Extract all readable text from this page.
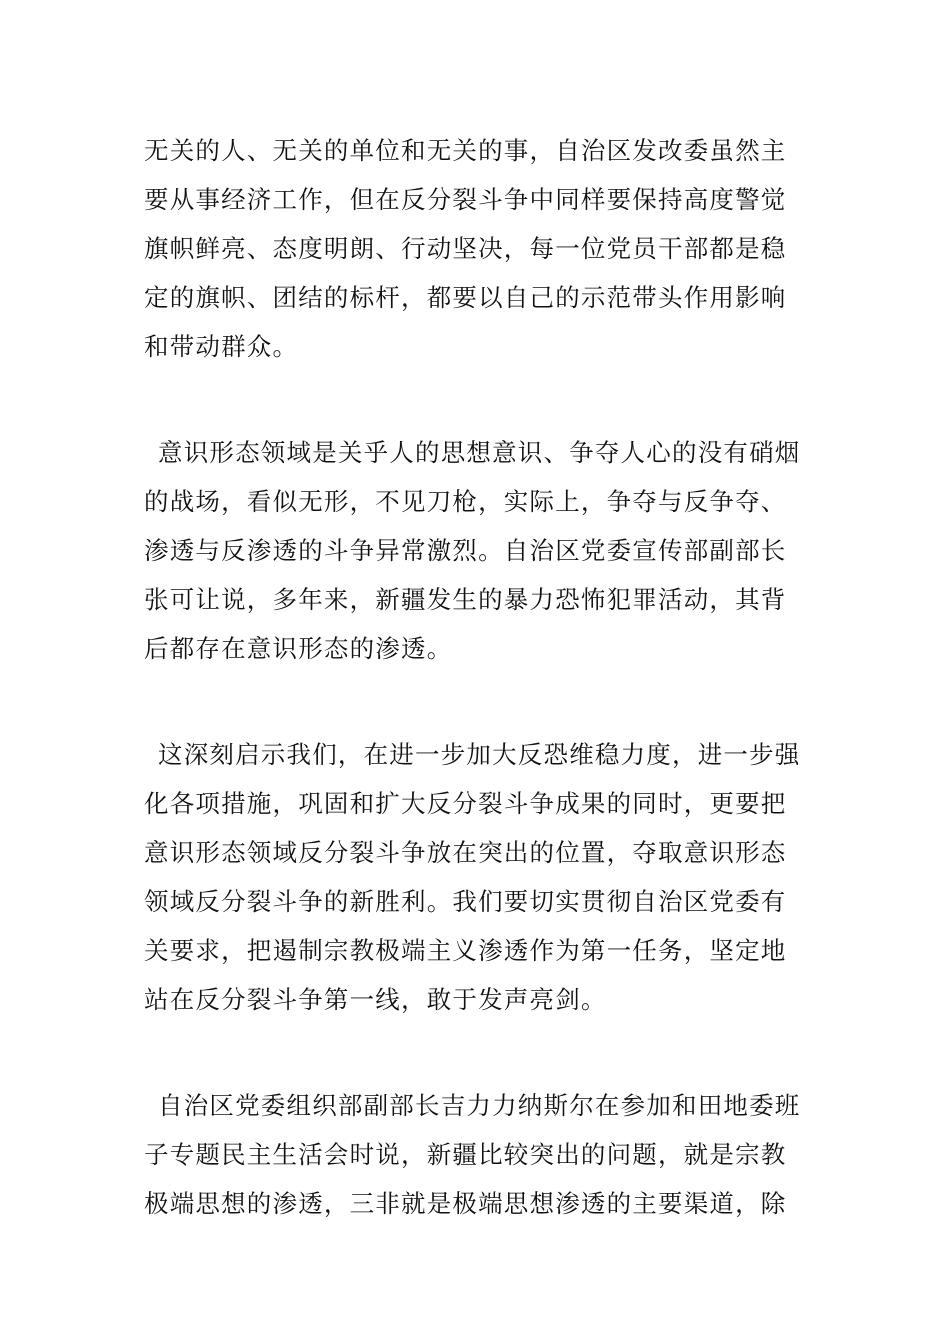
无关的人、无关的单位和无关的事，自治区发改委虽然主
要从事经济工作，但在反分裂斗争中同样要保持高度警觉
旗帜鲜亮、态度明朗、行动坚决，每一位党员干部都是稳
定的旗帜、团结的标杆，都要以自己的示范带头作用影响
和带动群众。

意识形态领域是关乎人的思想意识、争夺人心的没有硝烟
的战场，看似无形，不见刀枪，实际上，争夺与反争夺、
渗透与反渗透的斗争异常激烈。自治区党委宣传部副部长
张可让说，多年来，新疆发生的暴力恐怖犯罪活动，其背
后都存在意识形态的渗透。

这深刻启示我们，在进一步加大反恐维稳力度，进一步强
化各项措施，巩固和扩大反分裂斗争成果的同时，更要把
意识形态领域反分裂斗争放在突出的位置，夺取意识形态
领域反分裂斗争的新胜利。我们要切实贯彻自治区党委有
关要求，把遏制宗教极端主义渗透作为第一任务，坚定地
站在反分裂斗争第一线，敢于发声亮剑。

自治区党委组织部副部长吉力力纳斯尔在参加和田地委班
子专题民主生活会时说，新疆比较突出的问题，就是宗教
极端思想的渗透，三非就是极端思想渗透的主要渠道，除
